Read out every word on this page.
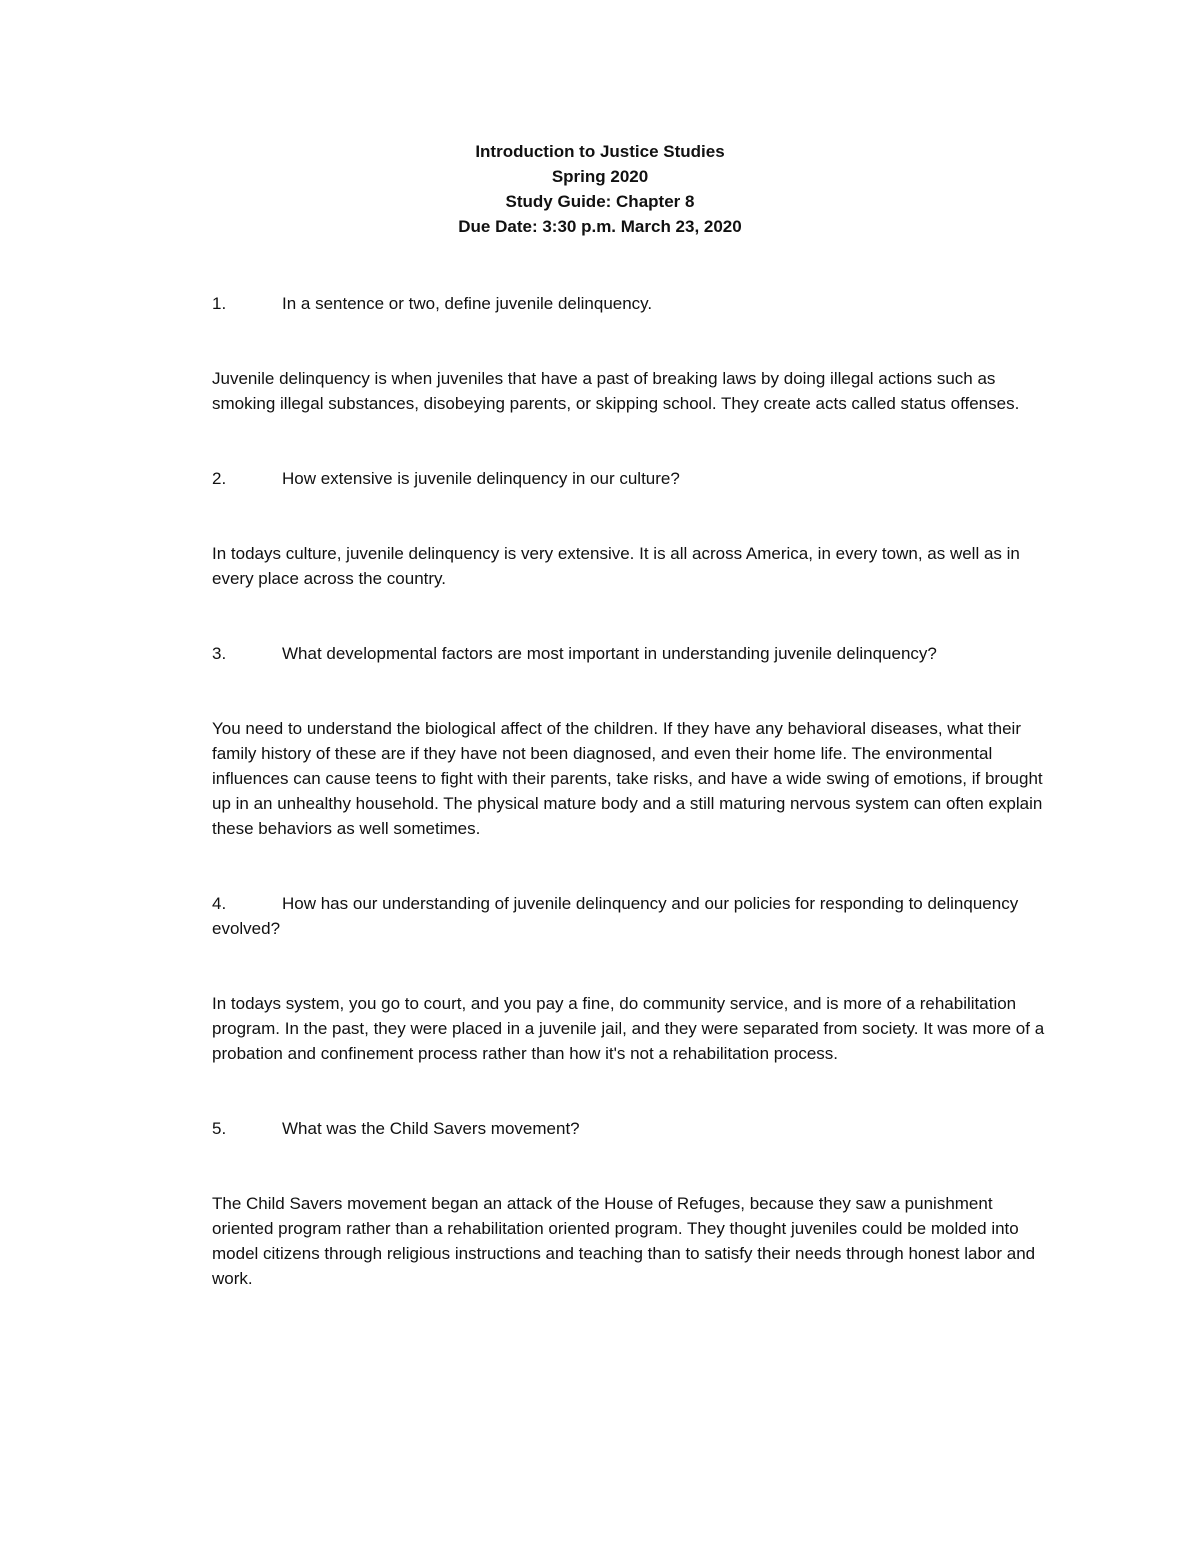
Introduction to Justice Studies
Spring 2020
Study Guide: Chapter 8
Due Date: 3:30 p.m. March 23, 2020
1.	In a sentence or two, define juvenile delinquency.
Juvenile delinquency is when juveniles that have a past of breaking laws by doing illegal actions such as smoking illegal substances, disobeying parents, or skipping school. They create acts called status offenses.
2.	How extensive is juvenile delinquency in our culture?
In todays culture, juvenile delinquency is very extensive. It is all across America, in every town, as well as in every place across the country.
3.	What developmental factors are most important in understanding juvenile delinquency?
You need to understand the biological affect of the children. If they have any behavioral diseases, what their family history of these are if they have not been diagnosed, and even their home life. The environmental influences can cause teens to fight with their parents, take risks, and have a wide swing of emotions, if brought up in an unhealthy household. The physical mature body and a still maturing nervous system can often explain these behaviors as well sometimes.
4.	How has our understanding of juvenile delinquency and our policies for responding to delinquency evolved?
In todays system, you go to court, and you pay a fine, do community service, and is more of a rehabilitation program. In the past, they were placed in a juvenile jail, and they were separated from society. It was more of a probation and confinement process rather than how it's not a rehabilitation process.
5.	What was the Child Savers movement?
The Child Savers movement began an attack of the House of Refuges, because they saw a punishment oriented program rather than a rehabilitation oriented program. They thought juveniles could be molded into model citizens through religious instructions and teaching than to satisfy their needs through honest labor and work.
